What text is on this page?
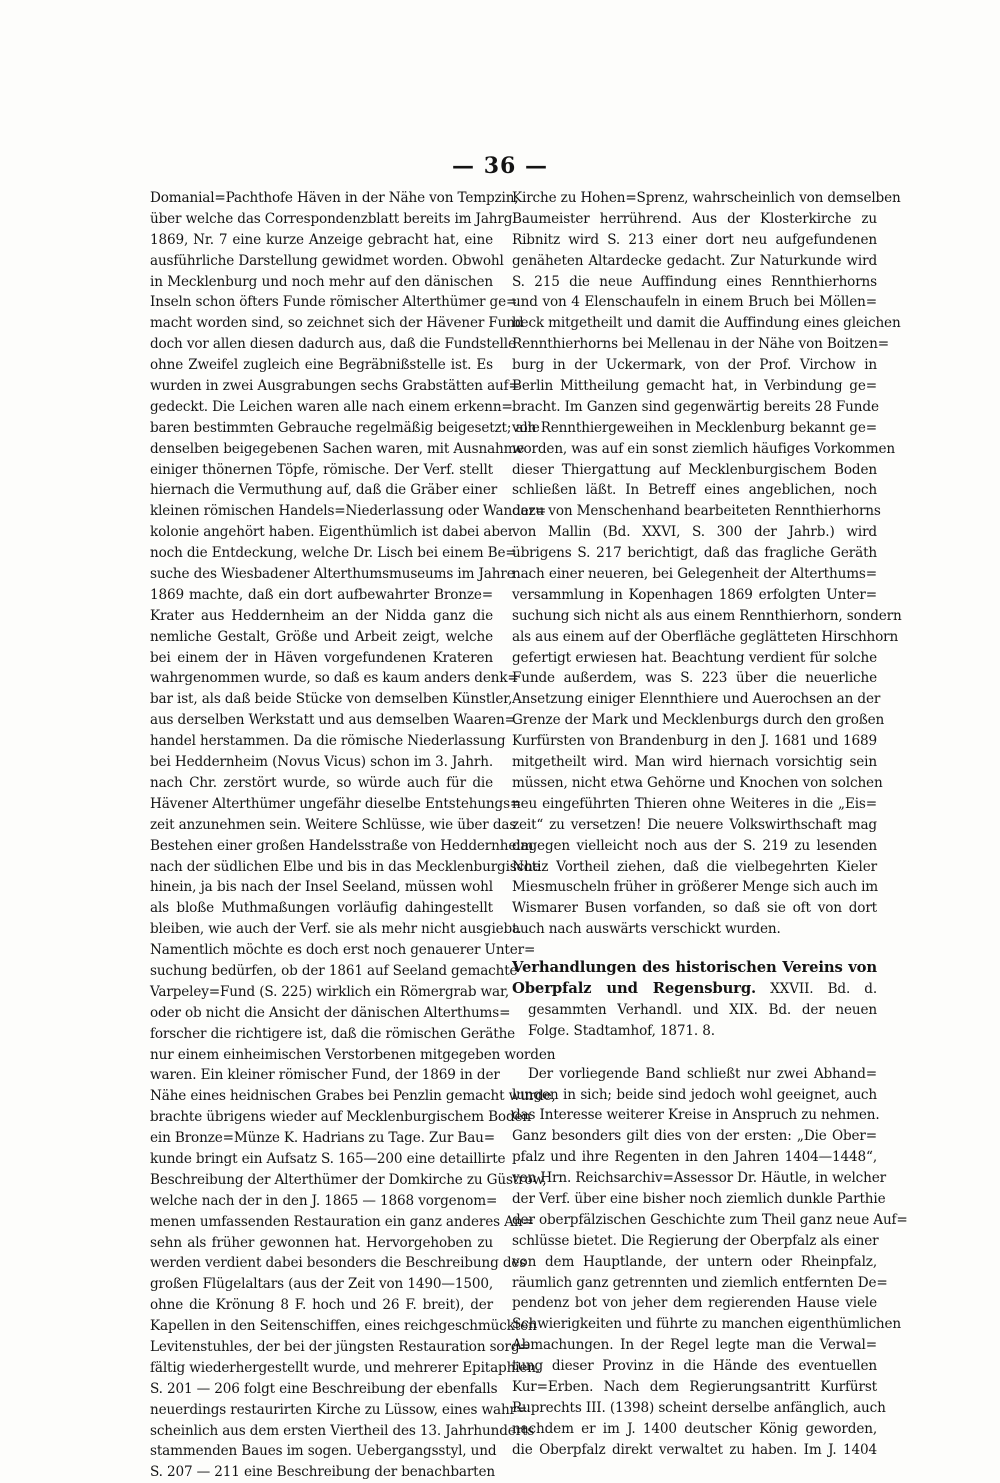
— 36 —
Domanial=Pachthofe Häven in der Nähe von Tempzin,
über welche das Correspondenzblatt bereits im Jahrg.
1869, Nr. 7 eine kurze Anzeige gebracht hat, eine
ausführliche Darstellung gewidmet worden. Obwohl
in Mecklenburg und noch mehr auf den dänischen
Inseln schon öfters Funde römischer Alterthümer ge=
macht worden sind, so zeichnet sich der Hävener Fund
doch vor allen diesen dadurch aus, daß die Fundstelle
ohne Zweifel zugleich eine Begräbnißstelle ist. Es
wurden in zwei Ausgrabungen sechs Grabstätten auf=
gedeckt. Die Leichen waren alle nach einem erkenn=
baren bestimmten Gebrauche regelmäßig beigesetzt; alle
denselben beigegebenen Sachen waren, mit Ausnahme
einiger thönernen Töpfe, römische. Der Verf. stellt
hiernach die Vermuthung auf, daß die Gräber einer
kleinen römischen Handels=Niederlassung oder Wander=
kolonie angehört haben. Eigenthümlich ist dabei aber
noch die Entdeckung, welche Dr. Lisch bei einem Be=
suche des Wiesbadener Alterthumsmuseums im Jahre
1869 machte, daß ein dort aufbewahrter Bronze=
Krater aus Heddernheim an der Nidda ganz die
nemliche Gestalt, Größe und Arbeit zeigt, welche
bei einem der in Häven vorgefundenen Krateren
wahrgenommen wurde, so daß es kaum anders denk=
bar ist, als daß beide Stücke von demselben Künstler,
aus derselben Werkstatt und aus demselben Waaren=
handel herstammen. Da die römische Niederlassung
bei Heddernheim (Novus Vicus) schon im 3. Jahrh.
nach Chr. zerstört wurde, so würde auch für die
Hävener Alterthümer ungefähr dieselbe Entstehungs=
zeit anzunehmen sein. Weitere Schlüsse, wie über das
Bestehen einer großen Handelsstraße von Heddernheim
nach der südlichen Elbe und bis in das Mecklenburgische
hinein, ja bis nach der Insel Seeland, müssen wohl
als bloße Muthmaßungen vorläufig dahingestellt
bleiben, wie auch der Verf. sie als mehr nicht ausgiebt.
Namentlich möchte es doch erst noch genauerer Unter=
suchung bedürfen, ob der 1861 auf Seeland gemachte
Varpeley=Fund (S. 225) wirklich ein Römergrab war,
oder ob nicht die Ansicht der dänischen Alterthums=
forscher die richtigere ist, daß die römischen Geräthe
nur einem einheimischen Verstorbenen mitgegeben worden
waren. Ein kleiner römischer Fund, der 1869 in der
Nähe eines heidnischen Grabes bei Penzlin gemacht wurde,
brachte übrigens wieder auf Mecklenburgischem Boden
ein Bronze=Münze K. Hadrians zu Tage. Zur Bau=
kunde bringt ein Aufsatz S. 165—200 eine detaillirte
Beschreibung der Alterthümer der Domkirche zu Güstrow,
welche nach der in den J. 1865 — 1868 vorgenom=
menen umfassenden Restauration ein ganz anderes An=
sehn als früher gewonnen hat. Hervorgehoben zu
werden verdient dabei besonders die Beschreibung des
großen Flügelaltars (aus der Zeit von 1490—1500,
ohne die Krönung 8 F. hoch und 26 F. breit), der
Kapellen in den Seitenschiffen, eines reichgeschmückten
Levitenstuhles, der bei der jüngsten Restauration sorg=
fältig wiederhergestellt wurde, und mehrerer Epitaphien.
S. 201 — 206 folgt eine Beschreibung der ebenfalls
neuerdings restaurirten Kirche zu Lüssow, eines wahr=
scheinlich aus dem ersten Viertheil des 13. Jahrhunderts
stammenden Baues im sogen. Uebergangsstyl, und
S. 207 — 211 eine Beschreibung der benachbarten
Kirche zu Hohen=Sprenz, wahrscheinlich von demselben
Baumeister herrührend. Aus der Klosterkirche zu
Ribnitz wird S. 213 einer dort neu aufgefundenen
genäheten Altardecke gedacht. Zur Naturkunde wird
S. 215 die neue Auffindung eines Rennthierhorns
und von 4 Elenschaufeln in einem Bruch bei Möllen=
beck mitgetheilt und damit die Auffindung eines gleichen
Rennthierhorns bei Mellenau in der Nähe von Boitzen=
burg in der Uckermark, von der Prof. Virchow in
Berlin Mittheilung gemacht hat, in Verbindung ge=
bracht. Im Ganzen sind gegenwärtig bereits 28 Funde
von Rennthiergeweihen in Mecklenburg bekannt ge=
worden, was auf ein sonst ziemlich häufiges Vorkommen
dieser Thiergattung auf Mecklenburgischem Boden
schließen läßt. In Betreff eines angeblichen, noch
dazu von Menschenhand bearbeiteten Rennthierhorns
von Mallin (Bd. XXVI, S. 300 der Jahrb.) wird
übrigens S. 217 berichtigt, daß das fragliche Geräth
nach einer neueren, bei Gelegenheit der Alterthums=
versammlung in Kopenhagen 1869 erfolgten Unter=
suchung sich nicht als aus einem Rennthierhorn, sondern
als aus einem auf der Oberfläche geglätteten Hirschhorn
gefertigt erwiesen hat. Beachtung verdient für solche
Funde außerdem, was S. 223 über die neuerliche
Ansetzung einiger Elennthiere und Auerochsen an der
Grenze der Mark und Mecklenburgs durch den großen
Kurfürsten von Brandenburg in den J. 1681 und 1689
mitgetheilt wird. Man wird hiernach vorsichtig sein
müssen, nicht etwa Gehörne und Knochen von solchen
neu eingeführten Thieren ohne Weiteres in die „Eis=
zeit“ zu versetzen! Die neuere Volkswirthschaft mag
dagegen vielleicht noch aus der S. 219 zu lesenden
Notiz Vortheil ziehen, daß die vielbegehrten Kieler
Miesmuscheln früher in größerer Menge sich auch im
Wismarer Busen vorfanden, so daß sie oft von dort
auch nach auswärts verschickt wurden.
Verhandlungen des historischen Vereins von
Oberpfalz und Regensburg. XXVII. Bd. d.
gesammten Verhandl. und XIX. Bd. der neuen
Folge. Stadtamhof, 1871. 8.
Der vorliegende Band schließt nur zwei Abhand=
lungen in sich; beide sind jedoch wohl geeignet, auch
das Interesse weiterer Kreise in Anspruch zu nehmen.
Ganz besonders gilt dies von der ersten: „Die Ober=
pfalz und ihre Regenten in den Jahren 1404—1448“,
von Hrn. Reichsarchiv=Assessor Dr. Häutle, in welcher
der Verf. über eine bisher noch ziemlich dunkle Parthie
der oberpfälzischen Geschichte zum Theil ganz neue Auf=
schlüsse bietet. Die Regierung der Oberpfalz als einer
von dem Hauptlande, der untern oder Rheinpfalz,
räumlich ganz getrennten und ziemlich entfernten De=
pendenz bot von jeher dem regierenden Hause viele
Schwierigkeiten und führte zu manchen eigenthümlichen
Abmachungen. In der Regel legte man die Verwal=
tung dieser Provinz in die Hände des eventuellen
Kur=Erben. Nach dem Regierungsantritt Kurfürst
Ruprechts III. (1398) scheint derselbe anfänglich, auch
nachdem er im J. 1400 deutscher König geworden,
die Oberpfalz direkt verwaltet zu haben. Im J. 1404
